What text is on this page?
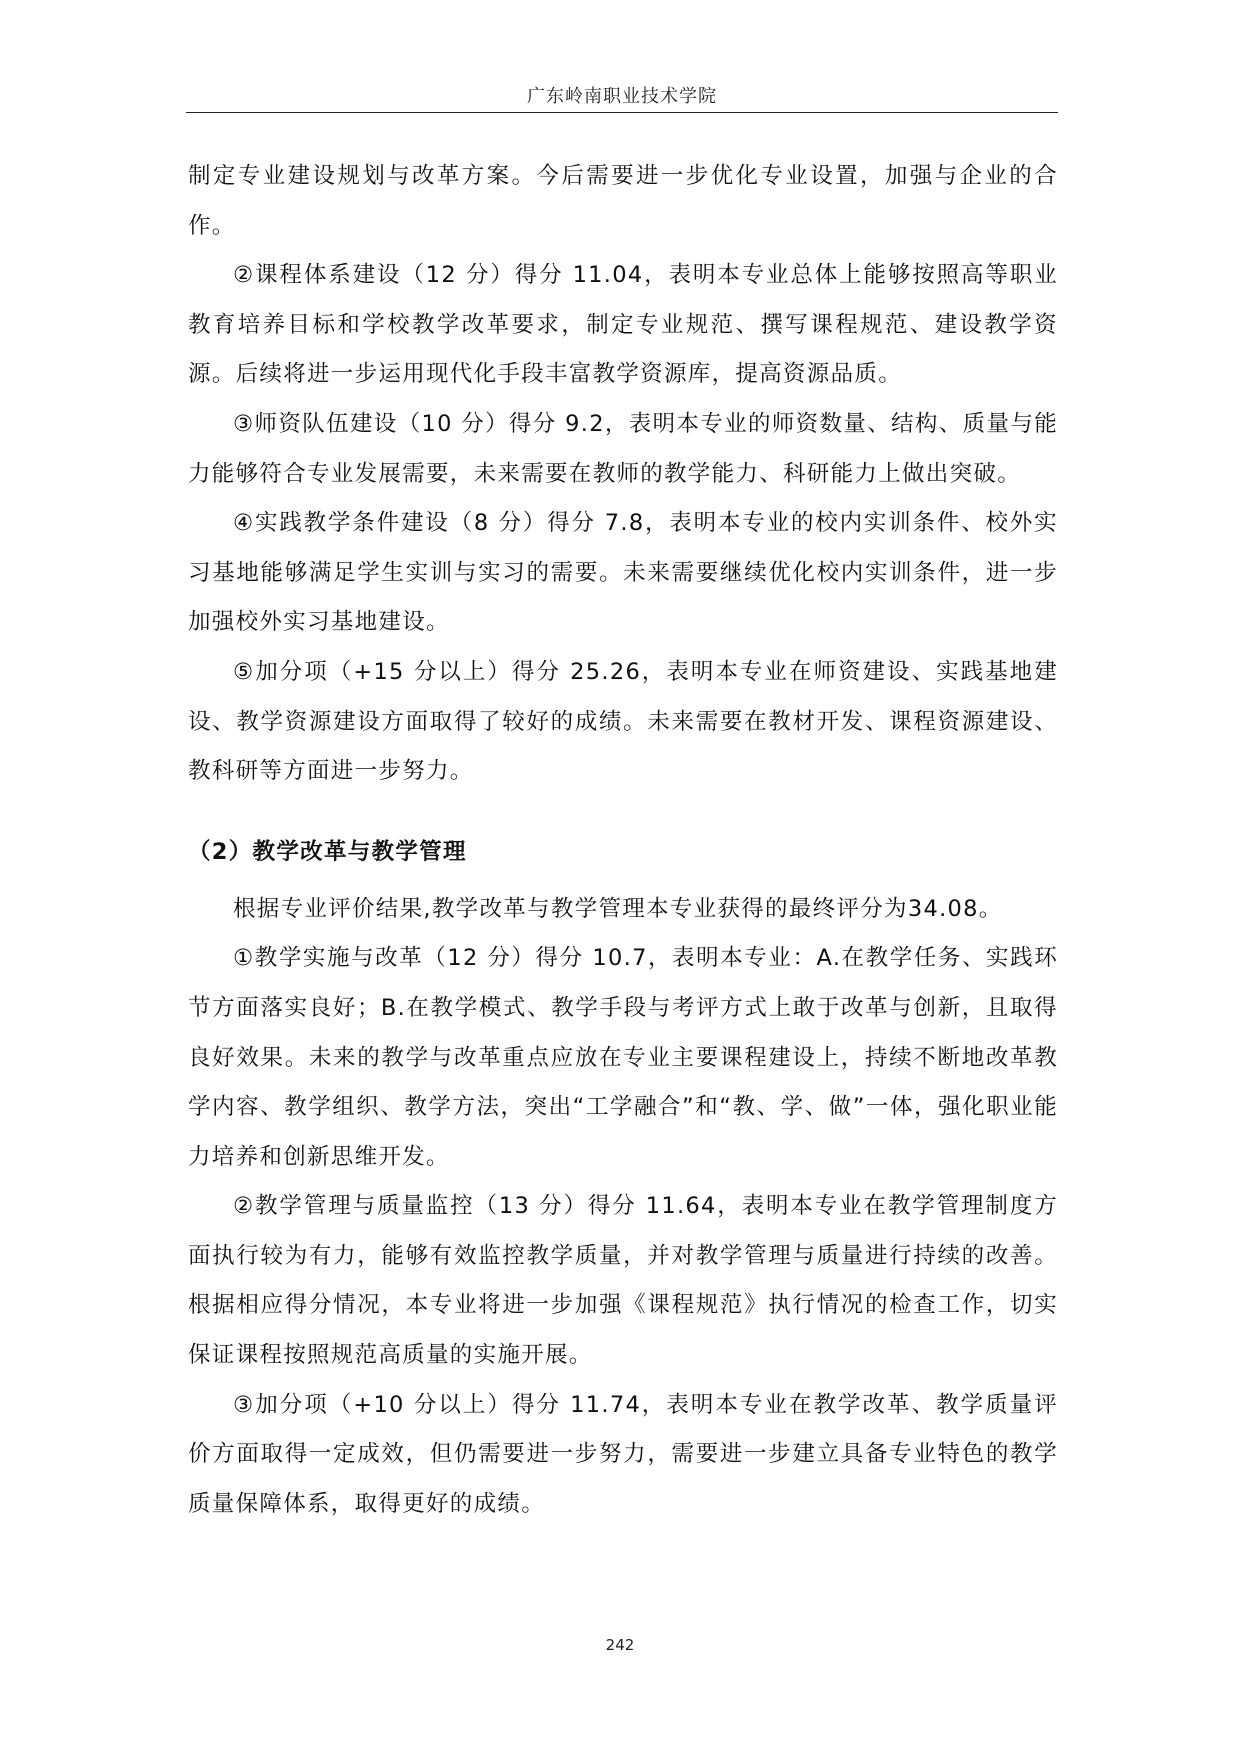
广东岭南职业技术学院

制定专业建设规划与改革方案。今后需要进一步优化专业设置，加强与企业的合作。

②课程体系建设（12 分）得分 11.04，表明本专业总体上能够按照高等职业教育培养目标和学校教学改革要求，制定专业规范、撰写课程规范、建设教学资源。后续将进一步运用现代化手段丰富教学资源库，提高资源品质。

③师资队伍建设（10 分）得分 9.2，表明本专业的师资数量、结构、质量与能力能够符合专业发展需要，未来需要在教师的教学能力、科研能力上做出突破。

④实践教学条件建设（8 分）得分 7.8，表明本专业的校内实训条件、校外实习基地能够满足学生实训与实习的需要。未来需要继续优化校内实训条件，进一步加强校外实习基地建设。

⑤加分项（+15 分以上）得分 25.26，表明本专业在师资建设、实践基地建设、教学资源建设方面取得了较好的成绩。未来需要在教材开发、课程资源建设、教科研等方面进一步努力。

（2）教学改革与教学管理

根据专业评价结果,教学改革与教学管理本专业获得的最终评分为34.08。

①教学实施与改革（12 分）得分 10.7，表明本专业：A.在教学任务、实践环节方面落实良好；B.在教学模式、教学手段与考评方式上敢于改革与创新，且取得良好效果。未来的教学与改革重点应放在专业主要课程建设上，持续不断地改革教学内容、教学组织、教学方法，突出“工学融合”和“教、学、做”一体，强化职业能力培养和创新思维开发。

②教学管理与质量监控（13 分）得分 11.64，表明本专业在教学管理制度方面执行较为有力，能够有效监控教学质量，并对教学管理与质量进行持续的改善。根据相应得分情况，本专业将进一步加强《课程规范》执行情况的检查工作，切实保证课程按照规范高质量的实施开展。

③加分项（+10 分以上）得分 11.74，表明本专业在教学改革、教学质量评价方面取得一定成效，但仍需要进一步努力，需要进一步建立具备专业特色的教学质量保障体系，取得更好的成绩。

242
